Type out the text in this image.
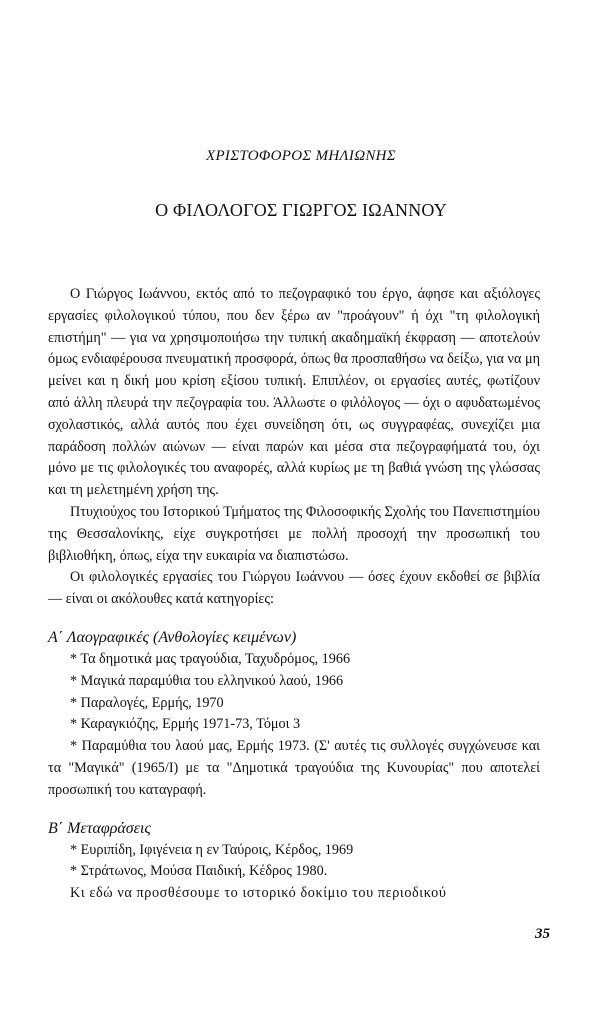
ΧΡΙΣΤΟΦΟΡΟΣ ΜΗΛΙΩΝΗΣ
Ο ΦΙΛΟΛΟΓΟΣ ΓΙΩΡΓΟΣ ΙΩΑΝΝΟΥ

Ο Γιώργος Ιωάννου, εκτός από το πεζογραφικό του έργο, άφησε και αξιόλογες εργασίες φιλολογικού τύπου, που δεν ξέρω αν "προάγουν" ή όχι "τη φιλολογική επιστήμη" — για να χρησιμοποιήσω την τυπική ακαδημαϊκή έκφραση — αποτελούν όμως ενδιαφέρουσα πνευματική προσφορά, όπως θα προσπαθήσω να δείξω, για να μη μείνει και η δική μου κρίση εξίσου τυπική. Επιπλέον, οι εργασίες αυτές, φωτίζουν από άλλη πλευρά την πεζογραφία του. Άλλωστε ο φιλόλογος — όχι ο αφυδατωμένος σχολαστικός, αλλά αυτός που έχει συνείδηση ότι, ως συγγραφέας, συνεχίζει μια παράδοση πολλών αιώνων — είναι παρών και μέσα στα πεζογραφήματά του, όχι μόνο με τις φιλολογικές του αναφορές, αλλά κυρίως με τη βαθιά γνώση της γλώσσας και τη μελετημένη χρήση της.

Πτυχιούχος του Ιστορικού Τμήματος της Φιλοσοφικής Σχολής του Πανεπιστημίου της Θεσσαλονίκης, είχε συγκροτήσει με πολλή προσοχή την προσωπική του βιβλιοθήκη, όπως, είχα την ευκαιρία να διαπιστώσω.

Οι φιλολογικές εργασίες του Γιώργου Ιωάννου — όσες έχουν εκδοθεί σε βιβλία — είναι οι ακόλουθες κατά κατηγορίες:

Α΄ Λαογραφικές (Ανθολογίες κειμένων)
* Τα δημοτικά μας τραγούδια, Ταχυδρόμος, 1966
* Μαγικά παραμύθια του ελληνικού λαού, 1966
* Παραλογές, Ερμής, 1970
* Καραγκιόζης, Ερμής 1971-73, Τόμοι 3
* Παραμύθια του λαού μας, Ερμής 1973. (Σ' αυτές τις συλλογές συγχώνευσε και τα "Μαγικά" (1965/Ι) με τα "Δημοτικά τραγούδια της Κυνουρίας" που αποτελεί προσωπική του καταγραφή.
Β΄ Μεταφράσεις
* Ευριπίδη, Ιφιγένεια η εν Ταύροις, Κέρδος, 1969
* Στράτωνος, Μούσα Παιδική, Κέδρος 1980.

Κι εδώ να προσθέσουμε το ιστορικό δοκίμιο του περιοδικού

35
